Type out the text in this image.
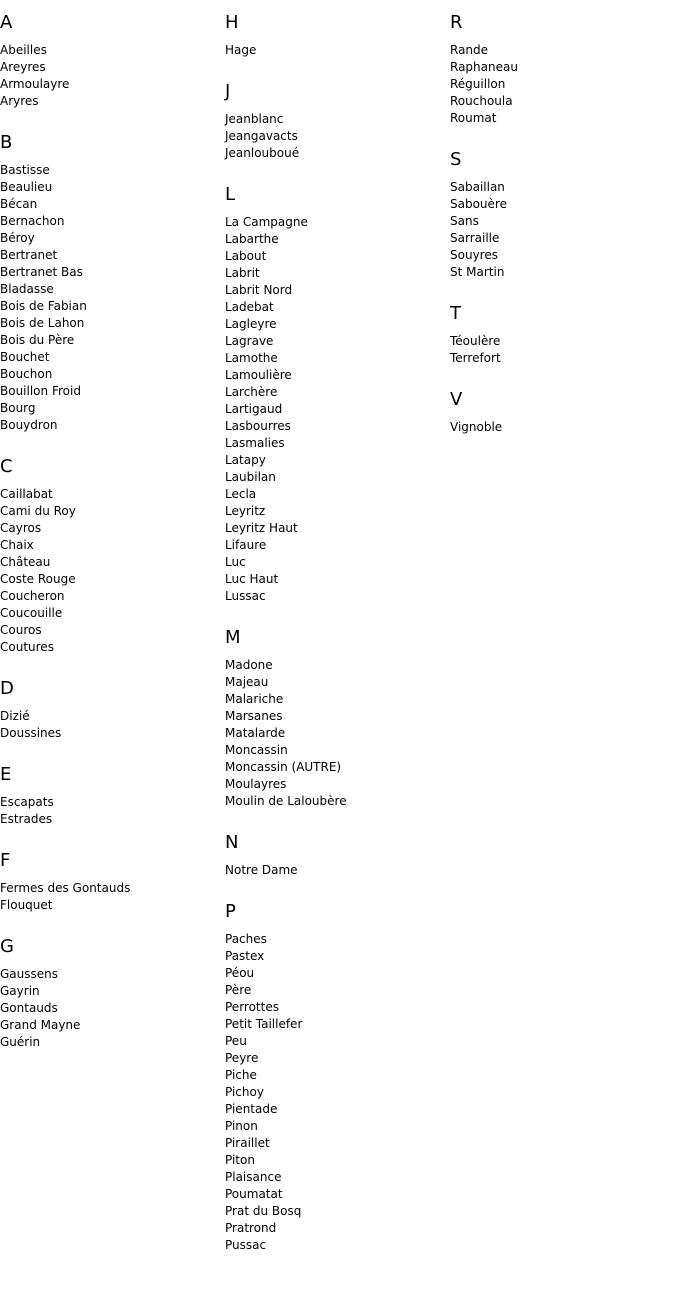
A
Abeilles
Areyres
Armoulayre
Aryres
B
Bastisse
Beaulieu
Bécan
Bernachon
Béroy
Bertranet
Bertranet Bas
Bladasse
Bois de Fabian
Bois de Lahon
Bois du Père
Bouchet
Bouchon
Bouillon Froid
Bourg
Bouydron
C
Caillabat
Cami du Roy
Cayros
Chaix
Château
Coste Rouge
Coucheron
Coucouille
Couros
Coutures
D
Dizié
Doussines
E
Escapats
Estrades
F
Fermes des Gontauds
Flouquet
G
Gaussens
Gayrin
Gontauds
Grand Mayne
Guérin
H
Hage
J
Jeanblanc
Jeangavacts
Jeanlouboué
L
La Campagne
Labarthe
Labout
Labrit
Labrit Nord
Ladebat
Lagleyre
Lagrave
Lamothe
Lamoulière
Larchère
Lartigaud
Lasbourres
Lasmalies
Latapy
Laubilan
Lecla
Leyritz
Leyritz Haut
Lifaure
Luc
Luc Haut
Lussac
M
Madone
Majeau
Malariche
Marsanes
Matalarde
Moncassin
Moncassin (AUTRE)
Moulayres
Moulin de Laloubère
N
Notre Dame
P
Paches
Pastex
Péou
Père
Perrottes
Petit Taillefer
Peu
Peyre
Piche
Pichoy
Pientade
Pinon
Piraillet
Piton
Plaisance
Poumatat
Prat du Bosq
Pratrond
Pussac
R
Rande
Raphaneau
Réguillon
Rouchoula
Roumat
S
Sabaillan
Sabouère
Sans
Sarraille
Souyres
St Martin
T
Téoulère
Terrefort
V
Vignoble
